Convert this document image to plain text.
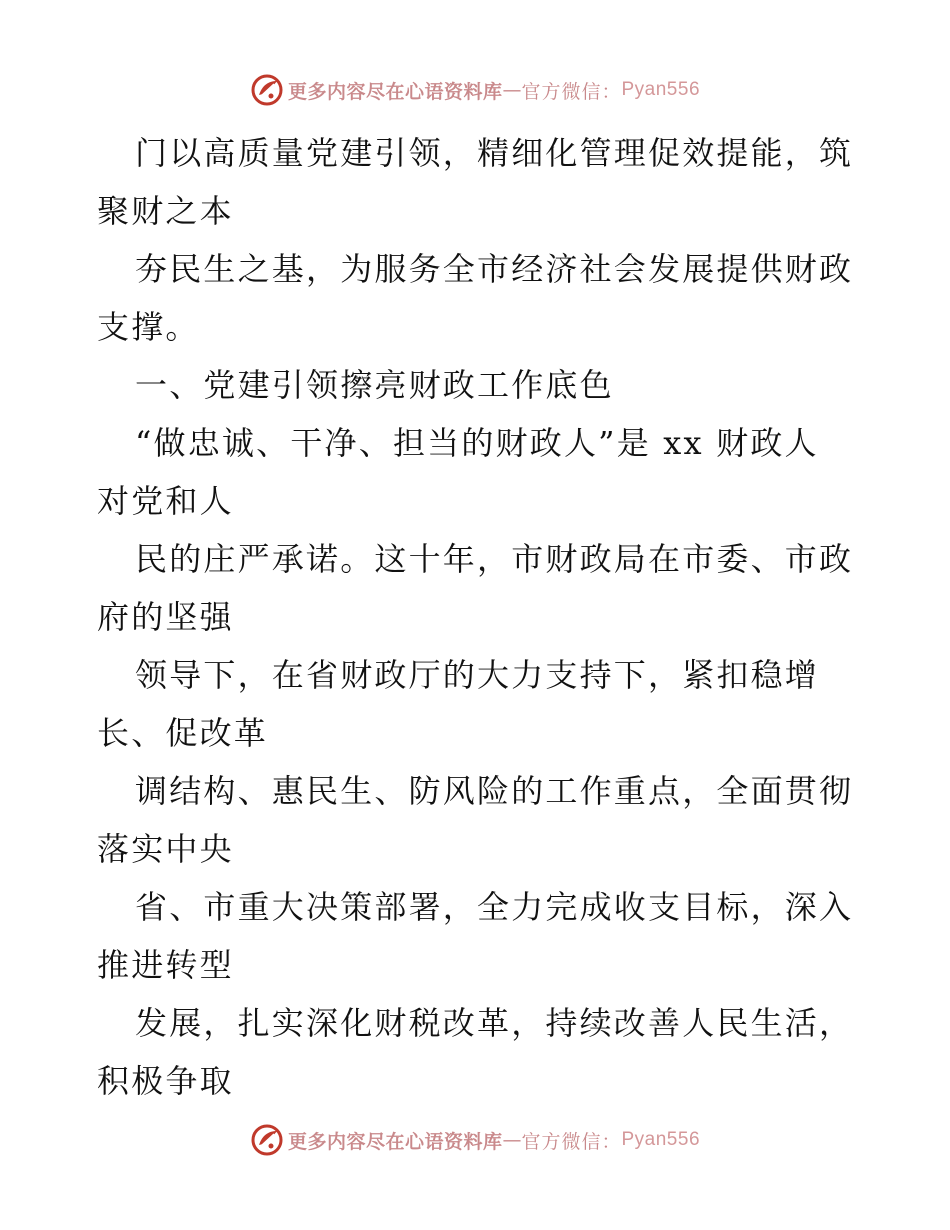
更多内容尽在心语资料库 — 官方微信： Pyan556
门以高质量党建引领，精细化管理促效提能，筑
聚财之本
夯民生之基，为服务全市经济社会发展提供财政
支撑。
一、党建引领擦亮财政工作底色
“做忠诚、干净、担当的财政人”是 xx 财政人
对党和人
民的庄严承诺。这十年，市财政局在市委、市政
府的坚强
领导下，在省财政厅的大力支持下，紧扣稳增
长、促改革
调结构、惠民生、防风险的工作重点，全面贯彻
落实中央
省、市重大决策部署，全力完成收支目标，深入
推进转型
发展，扎实深化财税改革，持续改善人民生活，
积极争取
更多内容尽在心语资料库 — 官方微信： Pyan556
